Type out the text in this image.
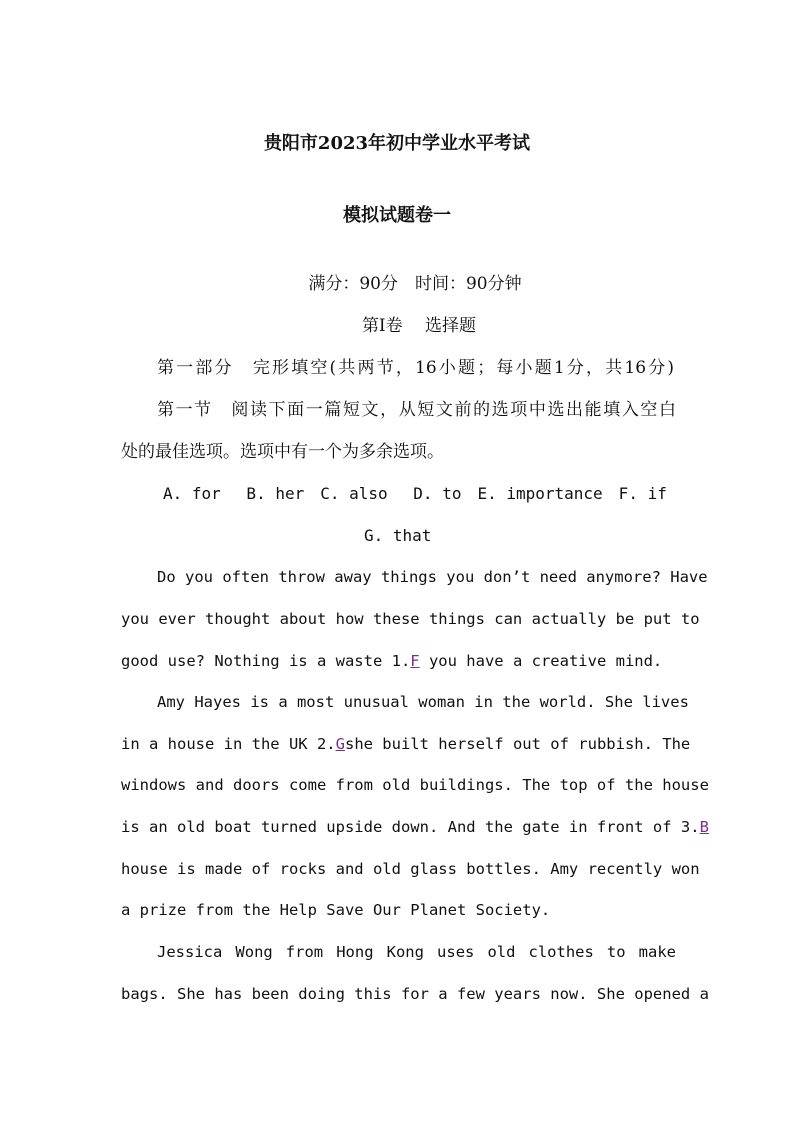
贵阳市2023年初中学业水平考试
模拟试题卷一
满分：90分　时间：90分钟
第Ⅰ卷　 选择题
第一部分　完形填空(共两节，16小题；每小题1分，共16分)
第一节　阅读下面一篇短文，从短文前的选项中选出能填入空白
处的最佳选项。选项中有一个为多余选项。
A. for　 B. her　C. also　 D. to　E. importance　F. if
G. that
Do you often throw away things you don’t need anymore? Have
you ever thought about how these things can actually be put to
good use? Nothing is a waste 1.F you have a creative mind.
Amy Hayes is a most unusual woman in the world. She lives
in a house in the UK 2.G she built herself out of rubbish. The
windows and doors come from old buildings. The top of the house
is an old boat turned upside down. And the gate in front of 3.B
house is made of rocks and old glass bottles. Amy recently won
a prize from the Help Save Our Planet Society.
Jessica Wong from Hong Kong uses old clothes to make
bags. She has been doing this for a few years now. She opened a
